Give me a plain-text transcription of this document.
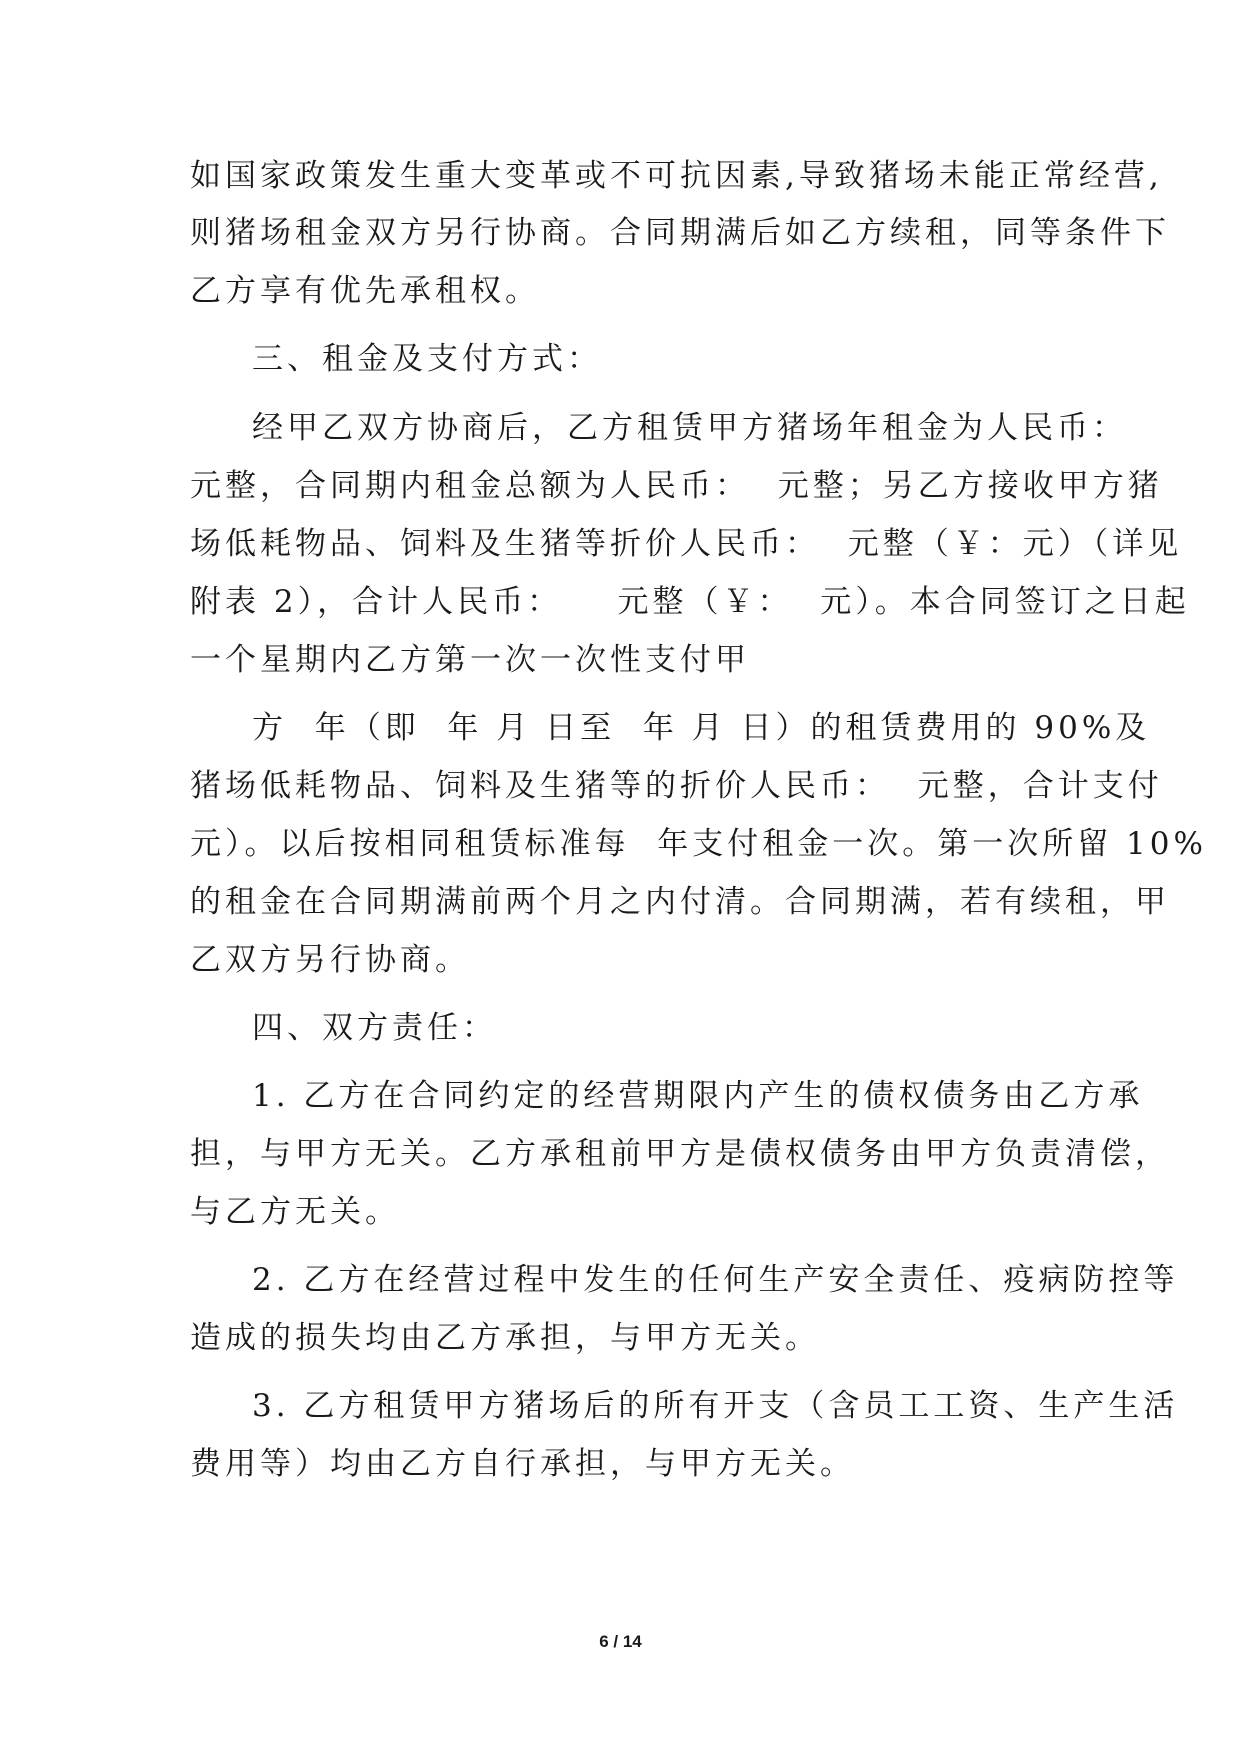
如国家政策发生重大变革或不可抗因素,导致猪场未能正常经营,
则猪场租金双方另行协商。合同期满后如乙方续租，同等条件下
乙方享有优先承租权。
三、租金及支付方式：
经甲乙双方协商后，乙方租赁甲方猪场年租金为人民币：
元整，合同期内租金总额为人民币：  元整；另乙方接收甲方猪
场低耗物品、饲料及生猪等折价人民币：  元整（￥：元）（详见
附表 2），合计人民币：    元整（￥：  元）。本合同签订之日起
一个星期内乙方第一次一次性支付甲
方  年（即  年 月 日至  年 月 日）的租赁费用的 90%及
猪场低耗物品、饲料及生猪等的折价人民币：  元整，合计支付
元）。以后按相同租赁标准每  年支付租金一次。第一次所留 10%
的租金在合同期满前两个月之内付清。合同期满，若有续租，甲
乙双方另行协商。
四、双方责任：
1. 乙方在合同约定的经营期限内产生的债权债务由乙方承
担，与甲方无关。乙方承租前甲方是债权债务由甲方负责清偿，
与乙方无关。
2. 乙方在经营过程中发生的任何生产安全责任、疫病防控等
造成的损失均由乙方承担，与甲方无关。
3. 乙方租赁甲方猪场后的所有开支（含员工工资、生产生活
费用等）均由乙方自行承担，与甲方无关。
6 / 14
